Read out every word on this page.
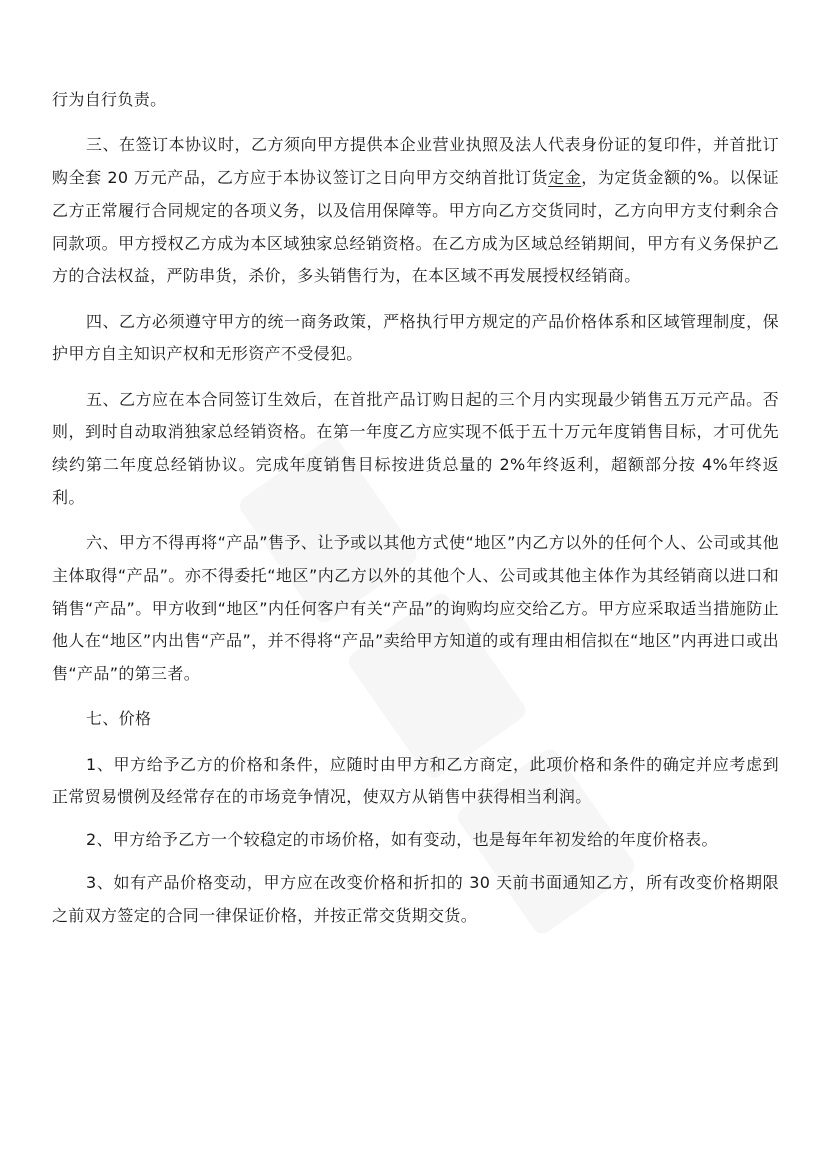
行为自行负责。

三、在签订本协议时，乙方须向甲方提供本企业营业执照及法人代表身份证的复印件，并首批订购全套 20 万元产品，乙方应于本协议签订之日向甲方交纳首批订货定金，为定货金额的%。以保证乙方正常履行合同规定的各项义务，以及信用保障等。甲方向乙方交货同时，乙方向甲方支付剩余合同款项。甲方授权乙方成为本区域独家总经销资格。在乙方成为区域总经销期间，甲方有义务保护乙方的合法权益，严防串货，杀价，多头销售行为，在本区域不再发展授权经销商。

四、乙方必须遵守甲方的统一商务政策，严格执行甲方规定的产品价格体系和区域管理制度，保护甲方自主知识产权和无形资产不受侵犯。

五、乙方应在本合同签订生效后，在首批产品订购日起的三个月内实现最少销售五万元产品。否则，到时自动取消独家总经销资格。在第一年度乙方应实现不低于五十万元年度销售目标，才可优先续约第二年度总经销协议。完成年度销售目标按进货总量的 2%年终返利，超额部分按 4%年终返利。

六、甲方不得再将“产品”售予、让予或以其他方式使“地区”内乙方以外的任何个人、公司或其他主体取得“产品”。亦不得委托“地区”内乙方以外的其他个人、公司或其他主体作为其经销商以进口和销售“产品”。甲方收到“地区”内任何客户有关“产品”的询购均应交给乙方。甲方应采取适当措施防止他人在“地区”内出售“产品”，并不得将“产品”卖给甲方知道的或有理由相信拟在“地区”内再进口或出售“产品”的第三者。

七、价格

1、甲方给予乙方的价格和条件，应随时由甲方和乙方商定，此项价格和条件的确定并应考虑到正常贸易惯例及经常存在的市场竞争情况，使双方从销售中获得相当利润。

2、甲方给予乙方一个较稳定的市场价格，如有变动，也是每年年初发给的年度价格表。

3、如有产品价格变动，甲方应在改变价格和折扣的 30 天前书面通知乙方，所有改变价格期限之前双方签定的合同一律保证价格，并按正常交货期交货。
